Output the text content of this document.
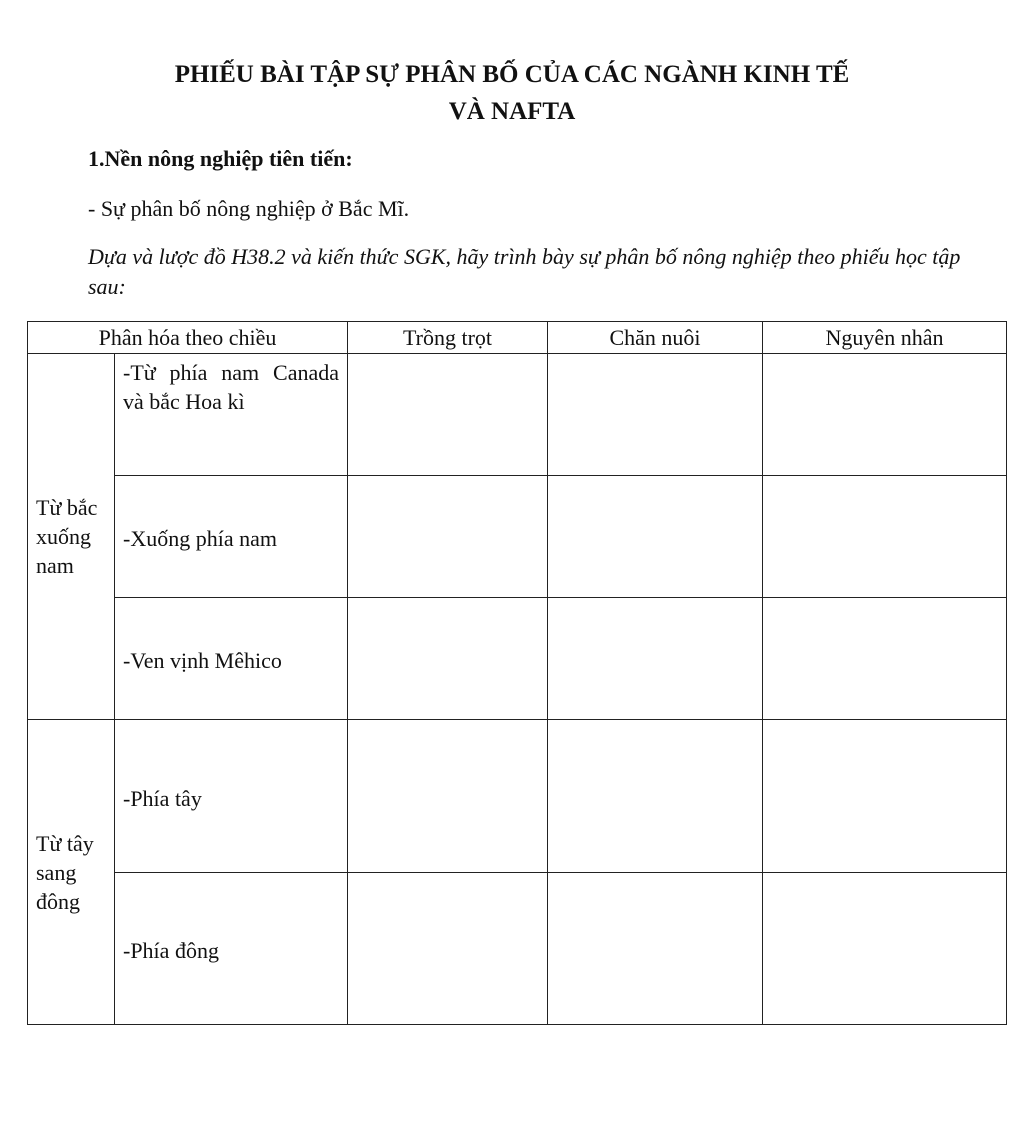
PHIẾU BÀI TẬP SỰ PHÂN BỐ CỦA CÁC NGÀNH KINH TẾ
VÀ NAFTA

1.Nền nông nghiệp tiên tiến:

- Sự phân bố nông nghiệp ở Bắc Mĩ.

Dựa và lược đồ H38.2 và kiến thức SGK, hãy trình bày sự phân bố nông nghiệp theo phiếu học tập sau:

Phân hóa theo chiều		Trồng trọt	Chăn nuôi	Nguyên nhân
Từ bắc xuống nam	-Từ phía nam Canada và bắc Hoa kì			
	-Xuống phía nam			
	-Ven vịnh Mêhico			
Từ tây sang đông	-Phía tây			
	-Phía đông			
